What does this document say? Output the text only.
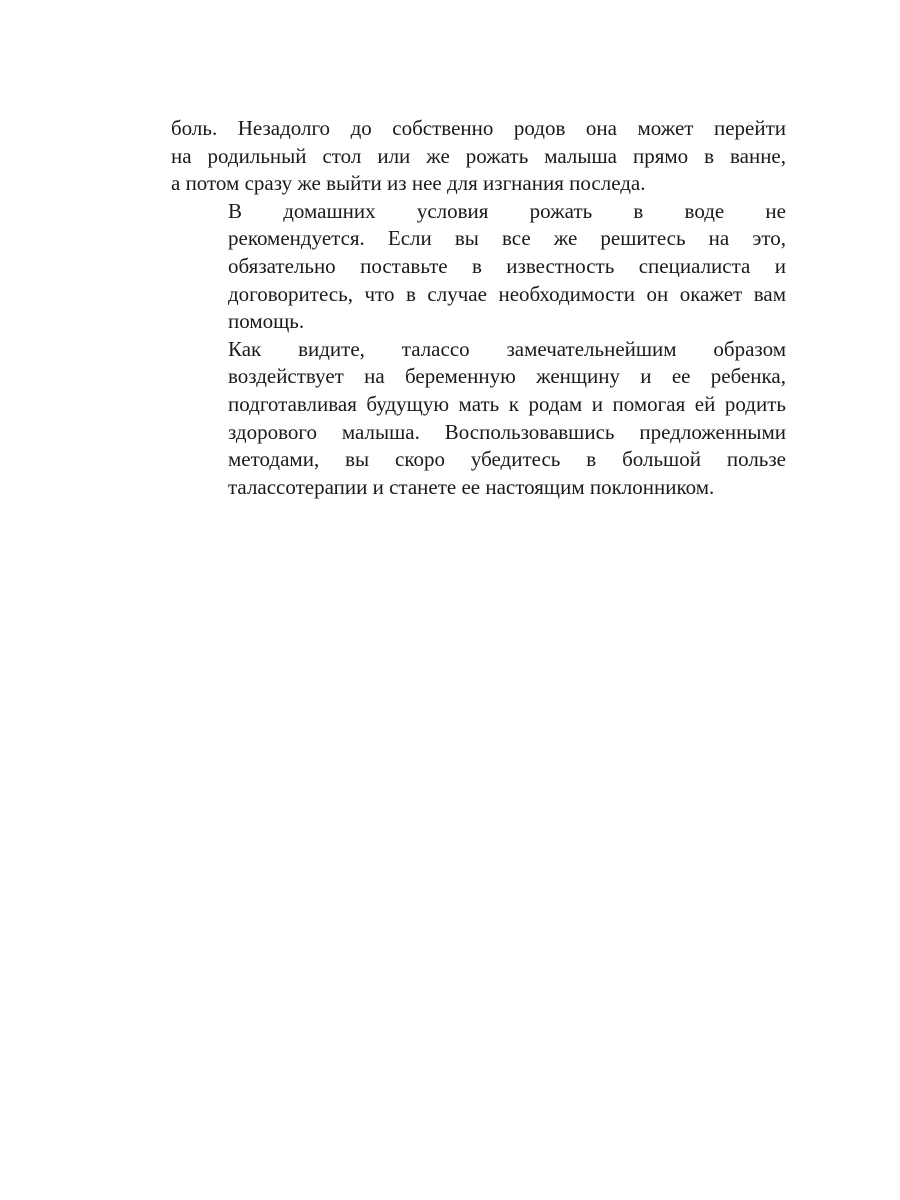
боль. Незадолго до собственно родов она может перейти
на родильный стол или же рожать малыша прямо в ванне,
а потом сразу же выйти из нее для изгнания последа.

В домашних условия рожать в воде не
рекомендуется. Если вы все же решитесь на это,
обязательно поставьте в известность специалиста и
договоритесь, что в случае необходимости он окажет вам
помощь.

Как видите, талассо замечательнейшим образом
воздействует на беременную женщину и ее ребенка,
подготавливая будущую мать к родам и помогая ей родить
здорового малыша. Воспользовавшись предложенными
методами, вы скоро убедитесь в большой пользе
талассотерапии и станете ее настоящим поклонником.
